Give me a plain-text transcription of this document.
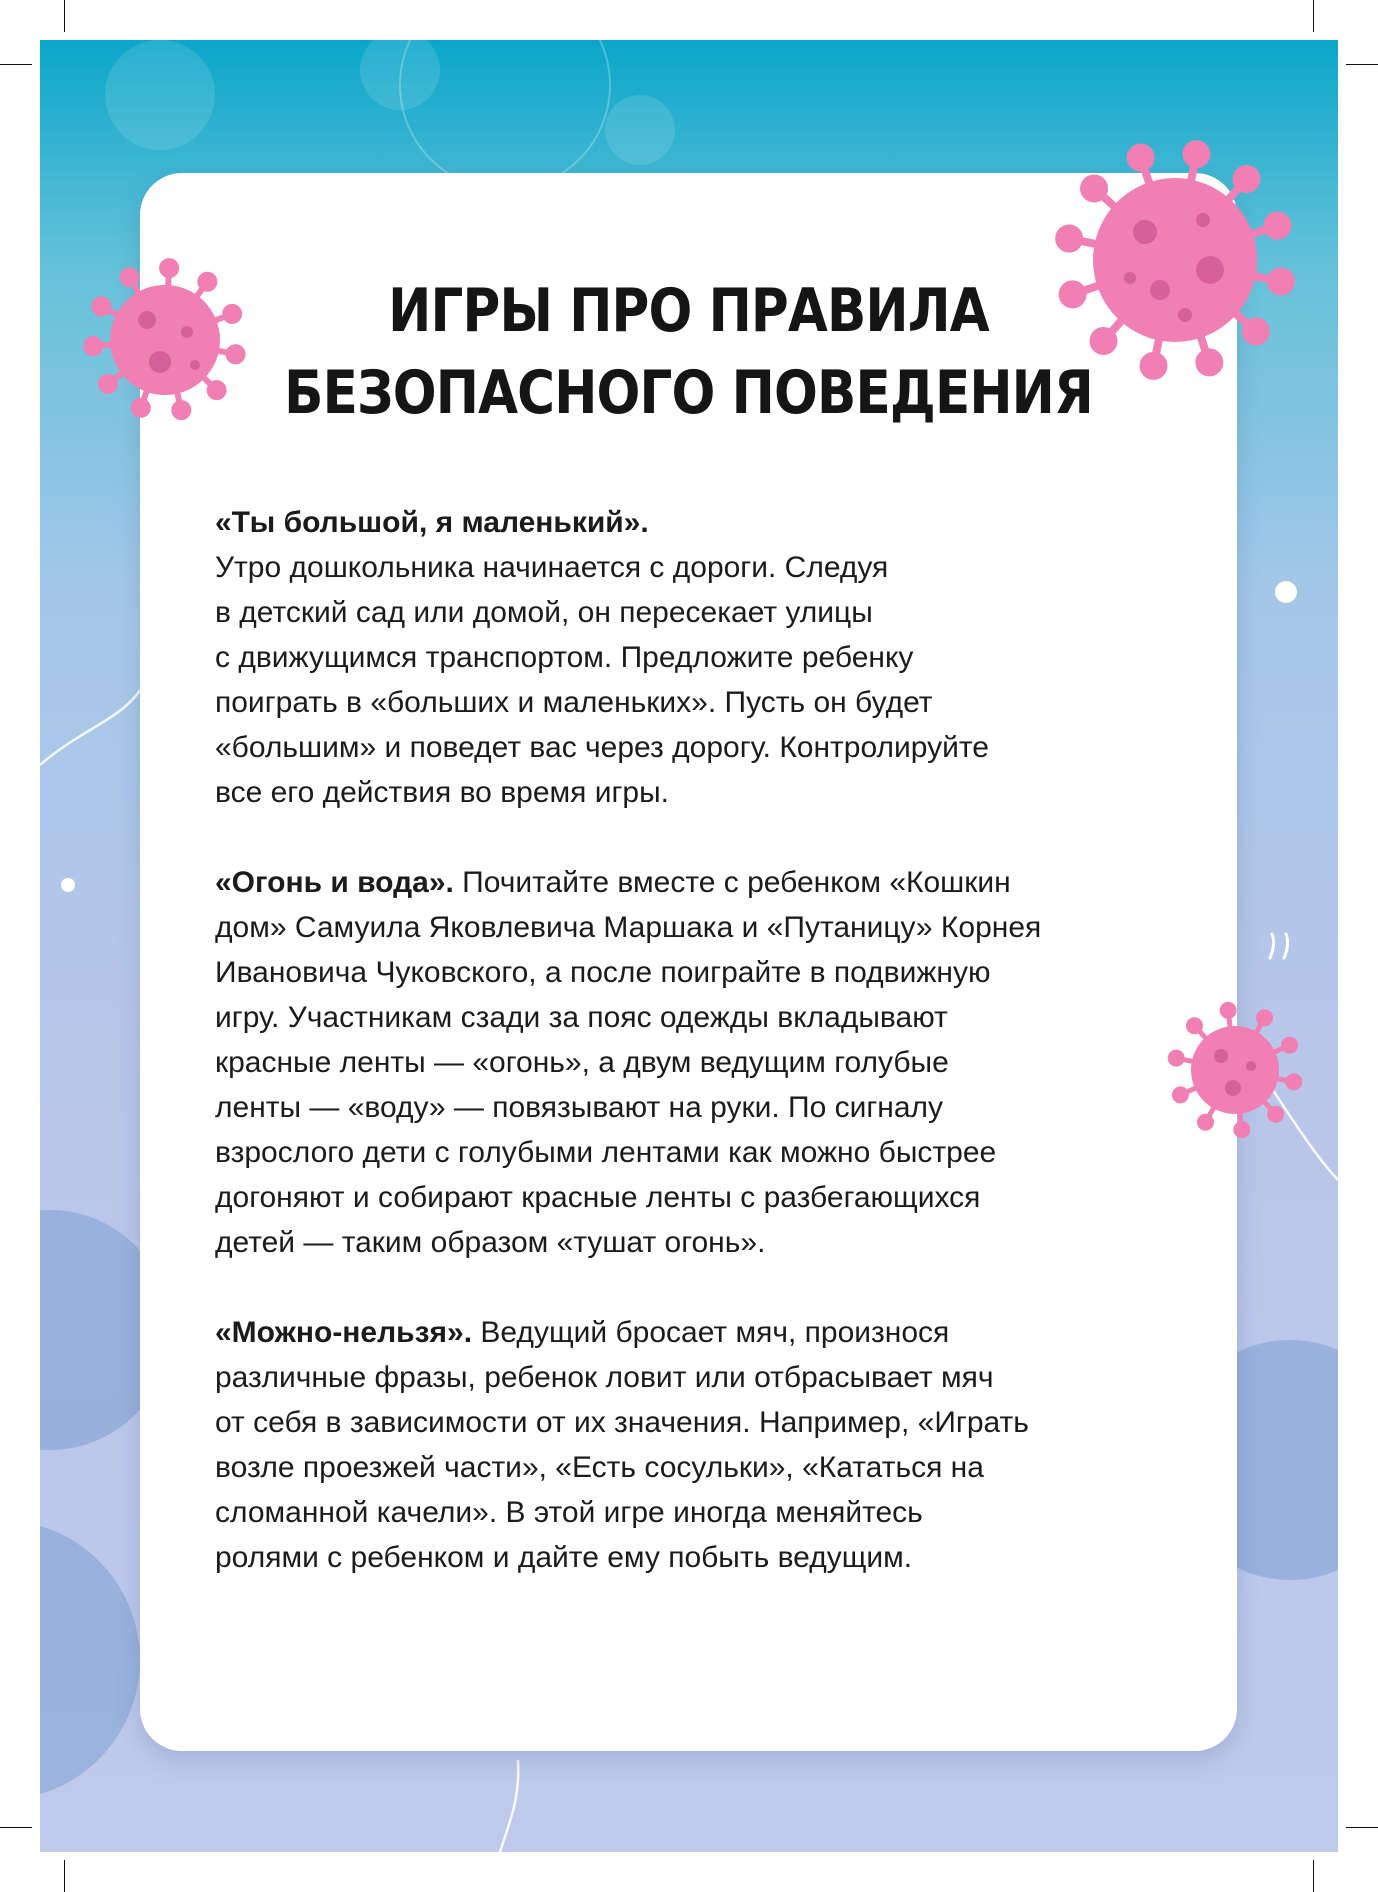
ИГРЫ ПРО ПРАВИЛА
БЕЗОПАСНОГО ПОВЕДЕНИЯ
«Ты большой, я маленький».
Утро дошкольника начинается с дороги. Следуя
в детский сад или домой, он пересекает улицы
с движущимся транспортом. Предложите ребенку
поиграть в «больших и маленьких». Пусть он будет
«большим» и поведет вас через дорогу. Контролируйте
все его действия во время игры.
«Огонь и вода». Почитайте вместе с ребенком «Кошкин
дом» Самуила Яковлевича Маршака и «Путаницу» Корнея
Ивановича Чуковского, а после поиграйте в подвижную
игру. Участникам сзади за пояс одежды вкладывают
красные ленты — «огонь», а двум ведущим голубые
ленты — «воду» — повязывают на руки. По сигналу
взрослого дети с голубыми лентами как можно быстрее
догоняют и собирают красные ленты с разбегающихся
детей — таким образом «тушат огонь».
«Можно-нельзя». Ведущий бросает мяч, произнося
различные фразы, ребенок ловит или отбрасывает мяч
от себя в зависимости от их значения. Например, «Играть
возле проезжей части», «Есть сосульки», «Кататься на
сломанной качели». В этой игре иногда меняйтесь
ролями с ребенком и дайте ему побыть ведущим.
